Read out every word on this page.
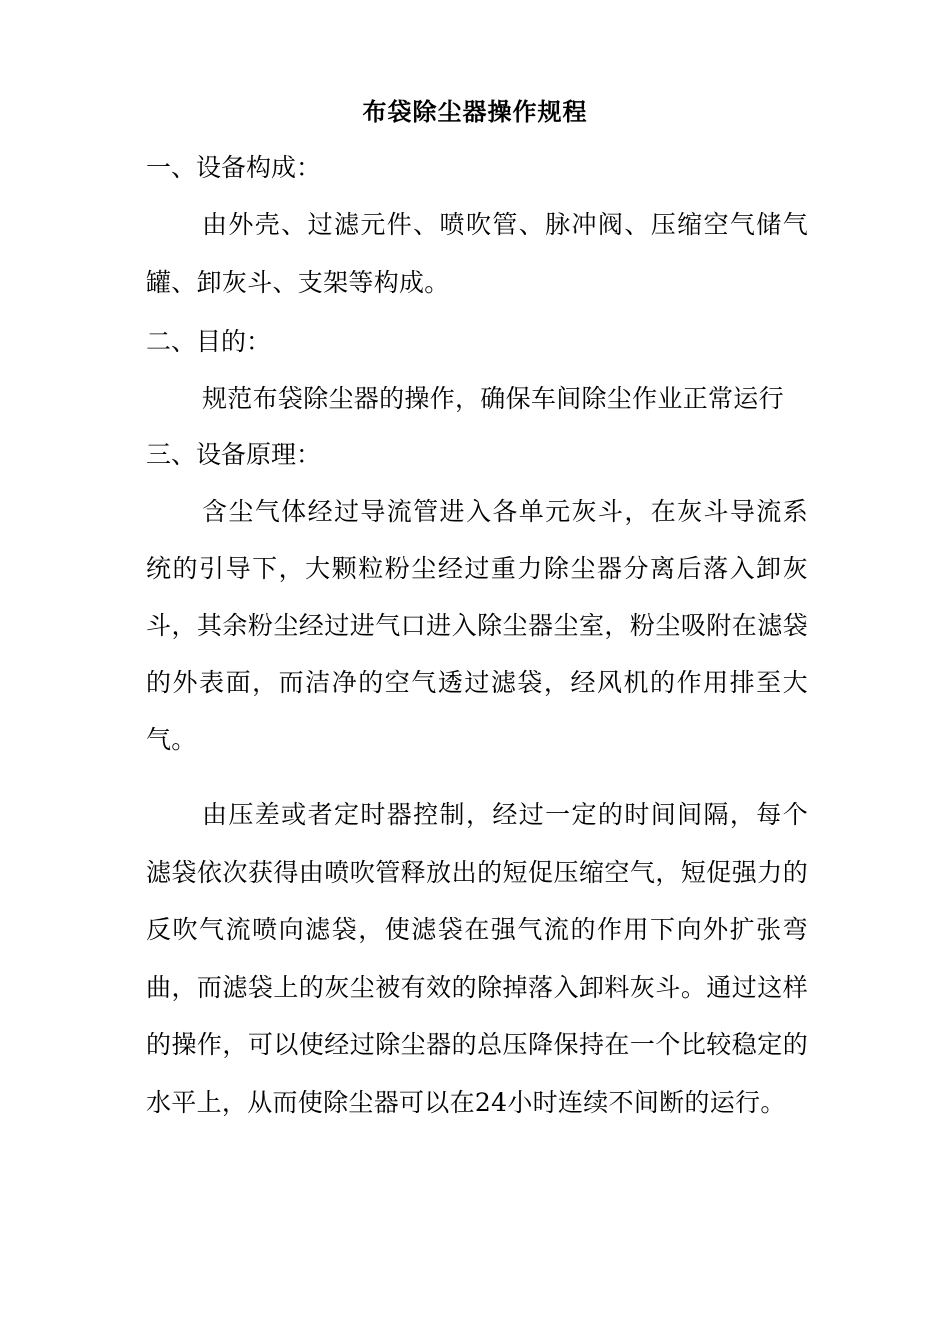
布袋除尘器操作规程
一、设备构成：
由外壳、过滤元件、喷吹管、脉冲阀、压缩空气储气罐、卸灰斗、支架等构成。
二、目的：
规范布袋除尘器的操作，确保车间除尘作业正常运行
三、设备原理：
含尘气体经过导流管进入各单元灰斗，在灰斗导流系统的引导下，大颗粒粉尘经过重力除尘器分离后落入卸灰斗，其余粉尘经过进气口进入除尘器尘室，粉尘吸附在滤袋的外表面，而洁净的空气透过滤袋，经风机的作用排至大气。
由压差或者定时器控制，经过一定的时间间隔，每个滤袋依次获得由喷吹管释放出的短促压缩空气，短促强力的反吹气流喷向滤袋，使滤袋在强气流的作用下向外扩张弯曲，而滤袋上的灰尘被有效的除掉落入卸料灰斗。通过这样的操作，可以使经过除尘器的总压降保持在一个比较稳定的水平上，从而使除尘器可以在24小时连续不间断的运行。
